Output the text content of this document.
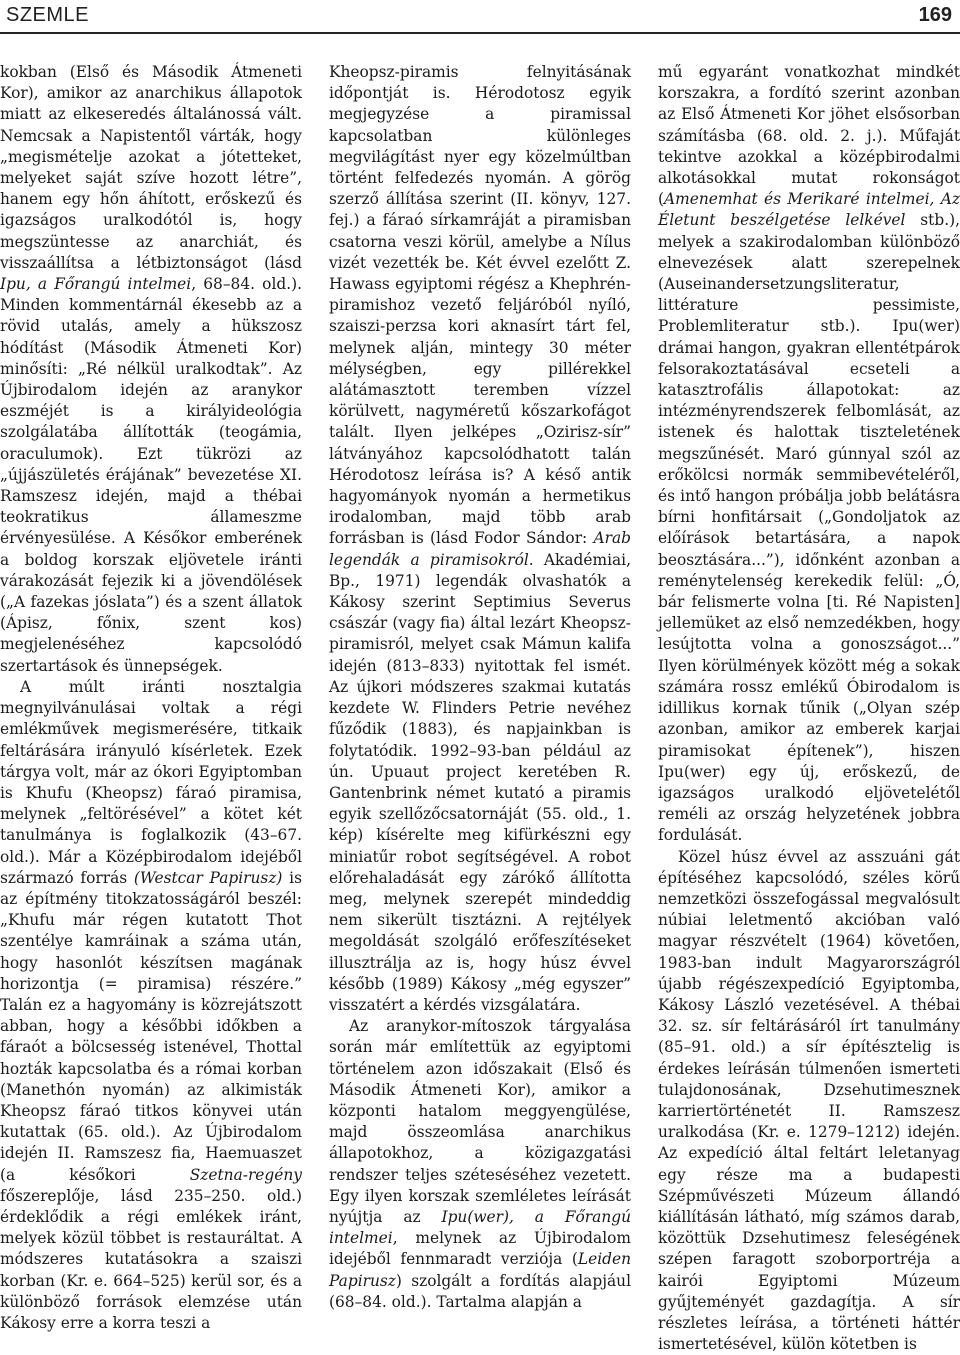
SZEMLE	169

kokban (Első és Második Átmeneti Kor), amikor az anarchikus állapotok miatt az elkeseredés általánossá vált. Nemcsak a Napistentől várták, hogy „megismételje azokat a jótetteket, melyeket saját szíve hozott létre”, hanem egy hőn áhított, erőskezű és igazságos uralkodótól is, hogy megszüntesse az anarchiát, és visszaállítsa a létbiztonságot (lásd Ipu, a Főrangú intelmei, 68–84. old.). Minden kommentárnál ékesebb az a rövid utalás, amely a hükszosz hódítást (Második Átmeneti Kor) minősíti: „Ré nélkül uralkodtak”. Az Újbirodalom idején az aranykor eszméjét is a királyideológia szolgálatába állították (teogámia, oraculumok). Ezt tükrözi az „újjászületés érájának” bevezetése XI. Ramszesz idején, majd a thébai teokratikus állameszme érvényesülése. A Későkor emberének a boldog korszak eljövetele iránti várakozását fejezik ki a jövendölések („A fazekas jóslata”) és a szent állatok (Ápisz, főnix, szent kos) megjelenéséhez kapcsolódó szertartások és ünnepségek.

A múlt iránti nosztalgia megnyilvánulásai voltak a régi emlékművek megismerésére, titkaik feltárására irányuló kísérletek. Ezek tárgya volt, már az ókori Egyiptomban is Khufu (Kheopsz) fáraó piramisa, melynek „feltörésével” a kötet két tanulmánya is foglalkozik (43–67. old.). Már a Középbirodalom idejéből származó forrás (Westcar Papirusz) is az építmény titokzatosságáról beszél: „Khufu már régen kutatott Thot szentélye kamráinak a száma után, hogy hasonlót készítsen magának horizontja (= piramisa) részére.” Talán ez a hagyomány is közrejátszott abban, hogy a későbbi időkben a fáraót a bölcsesség istenével, Thottal hozták kapcsolatba és a római korban (Manethón nyomán) az alkimisták Kheopsz fáraó titkos könyvei után kutattak (65. old.). Az Újbirodalom idején II. Ramszesz fia, Haemuaszet (a későkori Szetna-regény főszereplője, lásd 235–250. old.) érdeklődik a régi emlékek iránt, melyek közül többet is restauráltat. A módszeres kutatásokra a szaiszi korban (Kr. e. 664–525) kerül sor, és a különböző források elemzése után Kákosy erre a korra teszi a

Kheopsz-piramis felnyitásának időpontját is. Hérodotosz egyik megjegyzése a piramissal kapcsolatban különleges megvilágítást nyer egy közelmúltban történt felfedezés nyomán. A görög szerző állítása szerint (II. könyv, 127. fej.) a fáraó sírkamráját a piramisban csatorna veszi körül, amelybe a Nílus vizét vezették be. Két évvel ezelőtt Z. Hawass egyiptomi régész a Khephrén-piramishoz vezető feljáróból nyíló, szaiszi-perzsa kori aknasírt tárt fel, melynek alján, mintegy 30 méter mélységben, egy pillérekkel alátámasztott teremben vízzel körülvett, nagyméretű kőszarkofágot talált. Ilyen jelképes „Ozirisz-sír” látványához kapcsolódhatott talán Hérodotosz leírása is? A késő antik hagyományok nyomán a hermetikus irodalomban, majd több arab forrásban is (lásd Fodor Sándor: Arab legendák a piramisokról. Akadémiai, Bp., 1971) legendák olvashatók a Kákosy szerint Septimius Severus császár (vagy fia) által lezárt Kheopsz-piramisról, melyet csak Mámun kalifa idején (813–833) nyitottak fel ismét. Az újkori módszeres szakmai kutatás kezdete W. Flinders Petrie nevéhez fűződik (1883), és napjainkban is folytatódik. 1992–93-ban például az ún. Upuaut project keretében R. Gantenbrink német kutató a piramis egyik szellőzőcsatornáját (55. old., 1. kép) kísérelte meg kifürkészni egy miniatűr robot segítségével. A robot előrehaladását egy zárókő állította meg, melynek szerepét mindeddig nem sikerült tisztázni. A rejtélyek megoldását szolgáló erőfeszítéseket illusztrálja az is, hogy húsz évvel később (1989) Kákosy „még egyszer” visszatért a kérdés vizsgálatára.

Az aranykor-mítoszok tárgyalása során már említettük az egyiptomi történelem azon időszakait (Első és Második Átmeneti Kor), amikor a központi hatalom meggyengülése, majd összeomlása anarchikus állapotokhoz, a közigazgatási rendszer teljes széteséséhez vezetett. Egy ilyen korszak szemléletes leírását nyújtja az Ipu(wer), a Főrangú intelmei, melynek az Újbirodalom idejéből fennmaradt verziója (Leiden Papirusz) szolgált a fordítás alapjául (68–84. old.). Tartalma alapján a

mű egyaránt vonatkozhat mindkét korszakra, a fordító szerint azonban az Első Átmeneti Kor jöhet elsősorban számításba (68. old. 2. j.). Műfaját tekintve azokkal a középbirodalmi alkotásokkal mutat rokonságot (Amenemhat és Merikaré intelmei, Az Életunt beszélgetése lelkével stb.), melyek a szakirodalomban különböző elnevezések alatt szerepelnek (Auseinandersetzungsliteratur, littérature pessimiste, Problemliteratur stb.). Ipu(wer) drámai hangon, gyakran ellentétpárok felsorakoztatásával ecseteli a katasztrofális állapotokat: az intézményrendszerek felbomlását, az istenek és halottak tiszteletének megszűnését. Maró gúnnyal szól az erőkölcsi normák semmibevételéről, és intő hangon próbálja jobb belátásra bírni honfitársait („Gondoljatok az előírások betartására, a napok beosztására...”), időnként azonban a reménytelenség kerekedik felül: „Ó, bár felismerte volna [ti. Ré Napisten] jellemüket az első nemzedékben, hogy lesújtotta volna a gonoszságot...” Ilyen körülmények között még a sokak számára rossz emlékű Óbirodalom is idillikus kornak tűnik („Olyan szép azonban, amikor az emberek karjai piramisokat építenek”), hiszen Ipu(wer) egy új, erőskezű, de igazságos uralkodó eljövetelétől reméli az ország helyzetének jobbra fordulását.

Közel húsz évvel az asszuáni gát építéséhez kapcsolódó, széles körű nemzetközi összefogással megvalósult núbiai leletmentő akcióban való magyar részvételt (1964) követően, 1983-ban indult Magyarországról újabb régészexpedíció Egyiptomba, Kákosy László vezetésével. A thébai 32. sz. sír feltárásáról írt tanulmány (85–91. old.) a sír építésztelig is érdekes leírásán túlmenően ismerteti tulajdonosának, Dzsehutimesznek karriertörténetét II. Ramszesz uralkodása (Kr. e. 1279–1212) idején. Az expedíció által feltárt leletanyag egy része ma a budapesti Szépművészeti Múzeum állandó kiállításán látható, míg számos darab, közöttük Dzsehutimesz feleségének szépen faragott szoborportréja a kairói Egyiptomi Múzeum gyűjteményét gazdagítja. A sír részletes leírása, a történeti háttér ismertetésével, külön kötetben is
